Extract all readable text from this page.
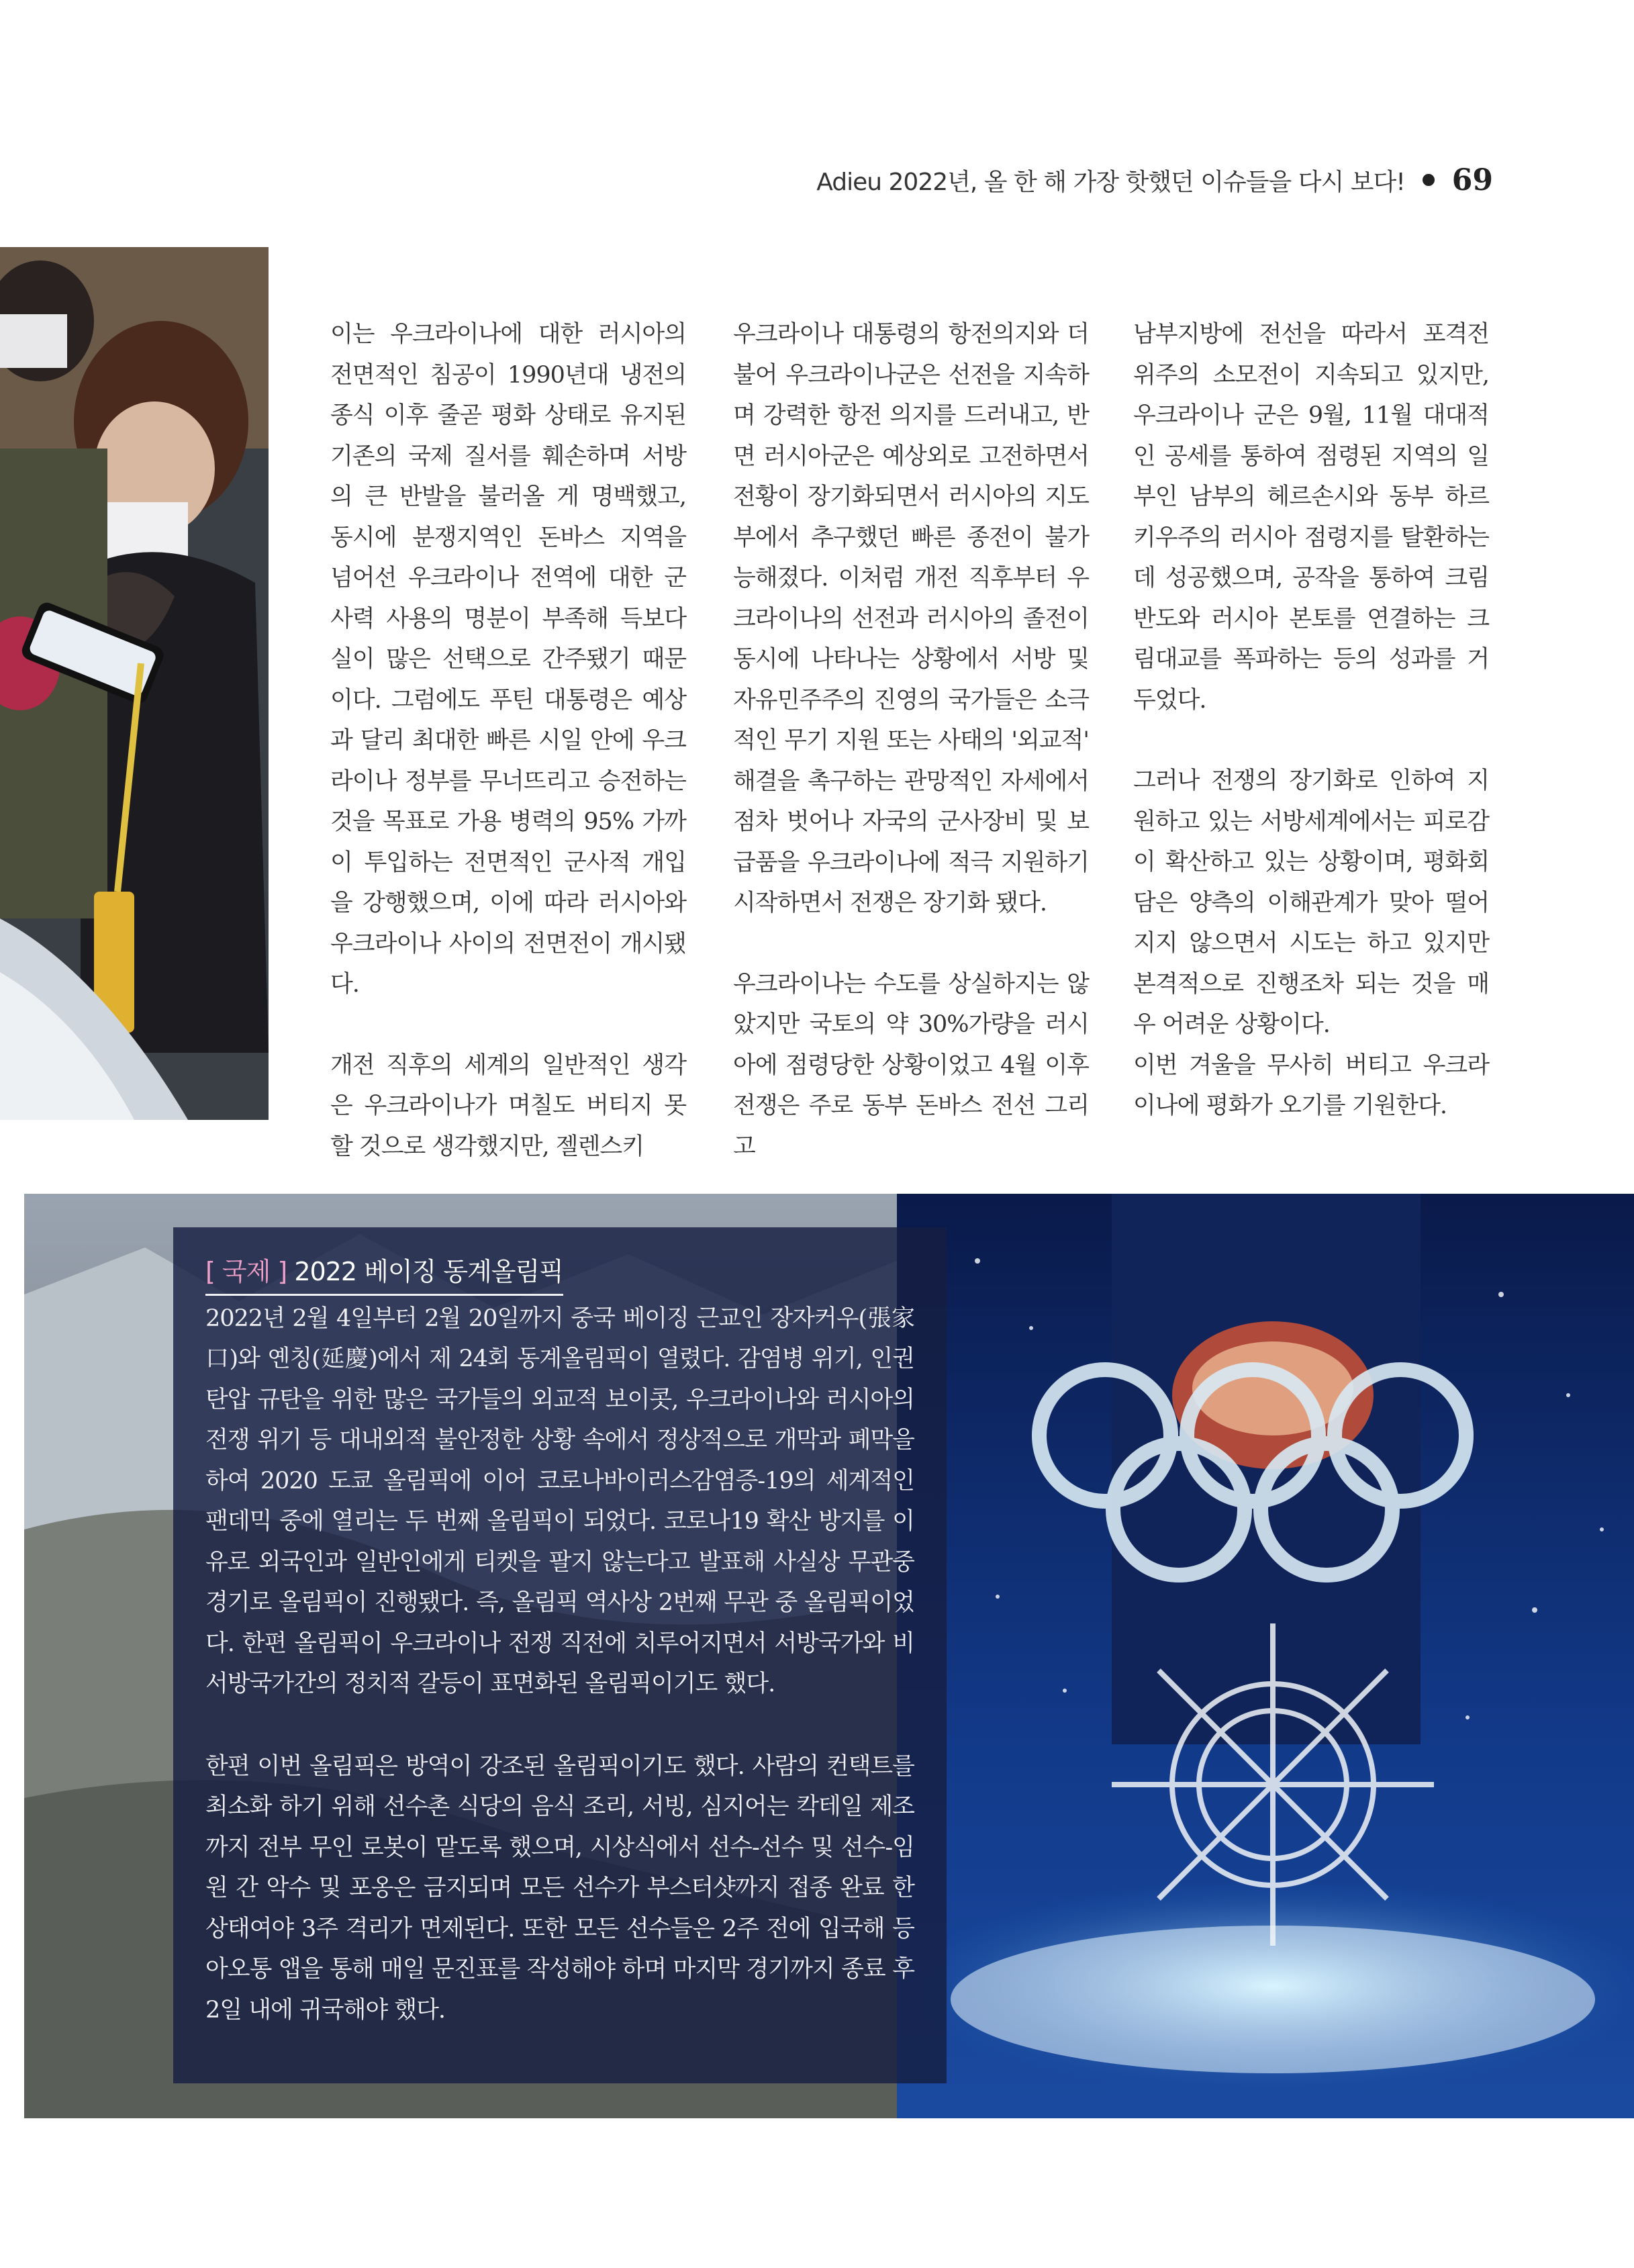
Adieu 2022년, 올 한 해 가장 핫했던 이슈들을 다시 보다! 69

이는 우크라이나에 대한 러시아의 전면적인 침공이 1990년대 냉전의 종식 이후 줄곧 평화 상태로 유지된 기존의 국제 질서를 훼손하며 서방의 큰 반발을 불러올 게 명백했고, 동시에 분쟁지역인 돈바스 지역을 넘어선 우크라이나 전역에 대한 군사력 사용의 명분이 부족해 득보다 실이 많은 선택으로 간주됐기 때문이다. 그럼에도 푸틴 대통령은 예상과 달리 최대한 빠른 시일 안에 우크라이나 정부를 무너뜨리고 승전하는 것을 목표로 가용 병력의 95% 가까이 투입하는 전면적인 군사적 개입을 강행했으며, 이에 따라 러시아와 우크라이나 사이의 전면전이 개시됐다.

개전 직후의 세계의 일반적인 생각은 우크라이나가 며칠도 버티지 못할 것으로 생각했지만, 젤렌스키

우크라이나 대통령의 항전의지와 더불어 우크라이나군은 선전을 지속하며 강력한 항전 의지를 드러내고, 반면 러시아군은 예상외로 고전하면서 전황이 장기화되면서 러시아의 지도부에서 추구했던 빠른 종전이 불가능해졌다. 이처럼 개전 직후부터 우크라이나의 선전과 러시아의 졸전이 동시에 나타나는 상황에서 서방 및 자유민주주의 진영의 국가들은 소극적인 무기 지원 또는 사태의 '외교적' 해결을 촉구하는 관망적인 자세에서 점차 벗어나 자국의 군사장비 및 보급품을 우크라이나에 적극 지원하기 시작하면서 전쟁은 장기화 됐다.

우크라이나는 수도를 상실하지는 않았지만 국토의 약 30%가량을 러시아에 점령당한 상황이었고 4월 이후 전쟁은 주로 동부 돈바스 전선 그리고

남부지방에 전선을 따라서 포격전 위주의 소모전이 지속되고 있지만, 우크라이나 군은 9월, 11월 대대적인 공세를 통하여 점령된 지역의 일부인 남부의 헤르손시와 동부 하르키우주의 러시아 점령지를 탈환하는데 성공했으며, 공작을 통하여 크림반도와 러시아 본토를 연결하는 크림대교를 폭파하는 등의 성과를 거두었다.

그러나 전쟁의 장기화로 인하여 지원하고 있는 서방세계에서는 피로감이 확산하고 있는 상황이며, 평화회담은 양측의 이해관계가 맞아 떨어지지 않으면서 시도는 하고 있지만 본격적으로 진행조차 되는 것을 매우 어려운 상황이다.

이번 겨울을 무사히 버티고 우크라이나에 평화가 오기를 기원한다.

[ 국제 ] 2022 베이징 동계올림픽

2022년 2월 4일부터 2월 20일까지 중국 베이징 근교인 장자커우(張家口)와 옌칭(延慶)에서 제 24회 동계올림픽이 열렸다. 감염병 위기, 인권 탄압 규탄을 위한 많은 국가들의 외교적 보이콧, 우크라이나와 러시아의 전쟁 위기 등 대내외적 불안정한 상황 속에서 정상적으로 개막과 폐막을 하여 2020 도쿄 올림픽에 이어 코로나바이러스감염증-19의 세계적인 팬데믹 중에 열리는 두 번째 올림픽이 되었다. 코로나19 확산 방지를 이유로 외국인과 일반인에게 티켓을 팔지 않는다고 발표해 사실상 무관중 경기로 올림픽이 진행됐다. 즉, 올림픽 역사상 2번째 무관 중 올림픽이었다. 한편 올림픽이 우크라이나 전쟁 직전에 치루어지면서 서방국가와 비서방국가간의 정치적 갈등이 표면화된 올림픽이기도 했다.

한편 이번 올림픽은 방역이 강조된 올림픽이기도 했다. 사람의 컨택트를 최소화 하기 위해 선수촌 식당의 음식 조리, 서빙, 심지어는 칵테일 제조까지 전부 무인 로봇이 맡도록 했으며, 시상식에서 선수-선수 및 선수-임원 간 악수 및 포옹은 금지되며 모든 선수가 부스터샷까지 접종 완료 한 상태여야 3주 격리가 면제된다. 또한 모든 선수들은 2주 전에 입국해 등아오통 앱을 통해 매일 문진표를 작성해야 하며 마지막 경기까지 종료 후 2일 내에 귀국해야 했다.
